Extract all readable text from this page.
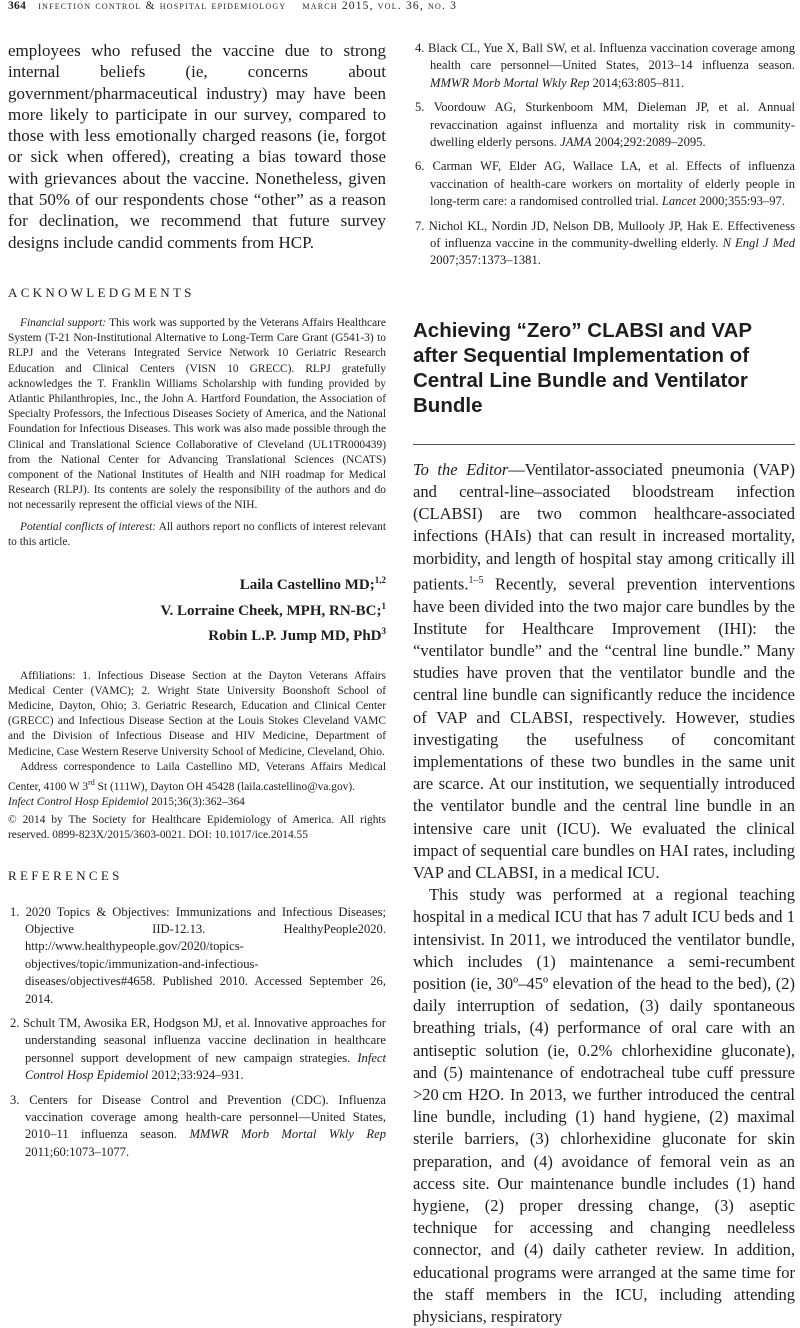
364 infection control & hospital epidemiology march 2015, vol. 36, no. 3

employees who refused the vaccine due to strong internal beliefs (ie, concerns about government/pharmaceutical industry) may have been more likely to participate in our survey, compared to those with less emotionally charged reasons (ie, forgot or sick when offered), creating a bias toward those with grievances about the vaccine. Nonetheless, given that 50% of our respondents chose “other” as a reason for declination, we recommend that future survey designs include candid comments from HCP.

ACKNOWLEDGMENTS

Financial support: This work was supported by the Veterans Affairs Healthcare System (T-21 Non-Institutional Alternative to Long-Term Care Grant (G541-3) to RLPJ and the Veterans Integrated Service Network 10 Geriatric Research Education and Clinical Centers (VISN 10 GRECC). RLPJ gratefully acknowledges the T. Franklin Williams Scholarship with funding provided by Atlantic Philanthropies, Inc., the John A. Hartford Foundation, the Association of Specialty Professors, the Infectious Diseases Society of America, and the National Foundation for Infectious Diseases. This work was also made possible through the Clinical and Translational Science Collaborative of Cleveland (UL1TR000439) from the National Center for Advancing Translational Sciences (NCATS) component of the National Institutes of Health and NIH roadmap for Medical Research (RLPJ). Its contents are solely the responsibility of the authors and do not necessarily represent the official views of the NIH.
Potential conflicts of interest: All authors report no conflicts of interest relevant to this article.
Laila Castellino MD;$^{1,2}$
V. Lorraine Cheek, MPH, RN-BC;$^1$
Robin L.P. Jump MD, PhD$^3$
Affiliations: 1. Infectious Disease Section at the Dayton Veterans Affairs Medical Center (VAMC); 2. Wright State University Boonshoft School of Medicine, Dayton, Ohio; 3. Geriatric Research, Education and Clinical Center (GRECC) and Infectious Disease Section at the Louis Stokes Cleveland VAMC and the Division of Infectious Disease and HIV Medicine, Department of Medicine, Case Western Reserve University School of Medicine, Cleveland, Ohio.
Address correspondence to Laila Castellino MD, Veterans Affairs Medical Center, 4100 W 3rd St (111W), Dayton OH 45428 (laila.castellino@va.gov).
Infect Control Hosp Epidemiol 2015;36(3):362–364
© 2014 by The Society for Healthcare Epidemiology of America. All rights reserved. 0899-823X/2015/3603-0021. DOI: 10.1017/ice.2014.55

REFERENCES

1. 2020 Topics & Objectives: Immunizations and Infectious Diseases; Objective IID-12.13. HealthyPeople2020. http://www.healthypeople.gov/2020/topics-objectives/topic/immunization-and-infectious-diseases/objectives#4658. Published 2010. Accessed September 26, 2014.
2. Schult TM, Awosika ER, Hodgson MJ, et al. Innovative approaches for understanding seasonal influenza vaccine declination in healthcare personnel support development of new campaign strategies. Infect Control Hosp Epidemiol 2012;33:924–931.
3. Centers for Disease Control and Prevention (CDC). Influenza vaccination coverage among health-care personnel—United States, 2010–11 influenza season. MMWR Morb Mortal Wkly Rep 2011;60:1073–1077.
4. Black CL, Yue X, Ball SW, et al. Influenza vaccination coverage among health care personnel—United States, 2013–14 influenza season. MMWR Morb Mortal Wkly Rep 2014;63:805–811.
5. Voordouw AG, Sturkenboom MM, Dieleman JP, et al. Annual revaccination against influenza and mortality risk in community-dwelling elderly persons. JAMA 2004;292:2089–2095.
6. Carman WF, Elder AG, Wallace LA, et al. Effects of influenza vaccination of health-care workers on mortality of elderly people in long-term care: a randomised controlled trial. Lancet 2000;355:93–97.
7. Nichol KL, Nordin JD, Nelson DB, Mullooly JP, Hak E. Effectiveness of influenza vaccine in the community-dwelling elderly. N Engl J Med 2007;357:1373–1381.
Achieving “Zero” CLABSI and VAP after Sequential Implementation of Central Line Bundle and Ventilator Bundle

To the Editor—Ventilator-associated pneumonia (VAP) and central-line–associated bloodstream infection (CLABSI) are two common healthcare-associated infections (HAIs) that can result in increased mortality, morbidity, and length of hospital stay among critically ill patients.$^{1-5}$ Recently, several prevention interventions have been divided into the two major care bundles by the Institute for Healthcare Improvement (IHI): the “ventilator bundle” and the “central line bundle.” Many studies have proven that the ventilator bundle and the central line bundle can significantly reduce the incidence of VAP and CLABSI, respectively. However, studies investigating the usefulness of concomitant implementations of these two bundles in the same unit are scarce. At our institution, we sequentially introduced the ventilator bundle and the central line bundle in an intensive care unit (ICU). We evaluated the clinical impact of sequential care bundles on HAI rates, including VAP and CLABSI, in a medical ICU.

This study was performed at a regional teaching hospital in a medical ICU that has 7 adult ICU beds and 1 intensivist. In 2011, we introduced the ventilator bundle, which includes (1) maintenance a semi-recumbent position (ie, 30º–45º elevation of the head to the bed), (2) daily interruption of sedation, (3) daily spontaneous breathing trials, (4) performance of oral care with an antiseptic solution (ie, 0.2% chlorhexidine gluconate), and (5) maintenance of endotracheal tube cuff pressure >20 cm H2O. In 2013, we further introduced the central line bundle, including (1) hand hygiene, (2) maximal sterile barriers, (3) chlorhexidine gluconate for skin preparation, and (4) avoidance of femoral vein as an access site. Our maintenance bundle includes (1) hand hygiene, (2) proper dressing change, (3) aseptic technique for accessing and changing needleless connector, and (4) daily catheter review. In addition, educational programs were arranged at the same time for the staff members in the ICU, including attending physicians, respiratory
